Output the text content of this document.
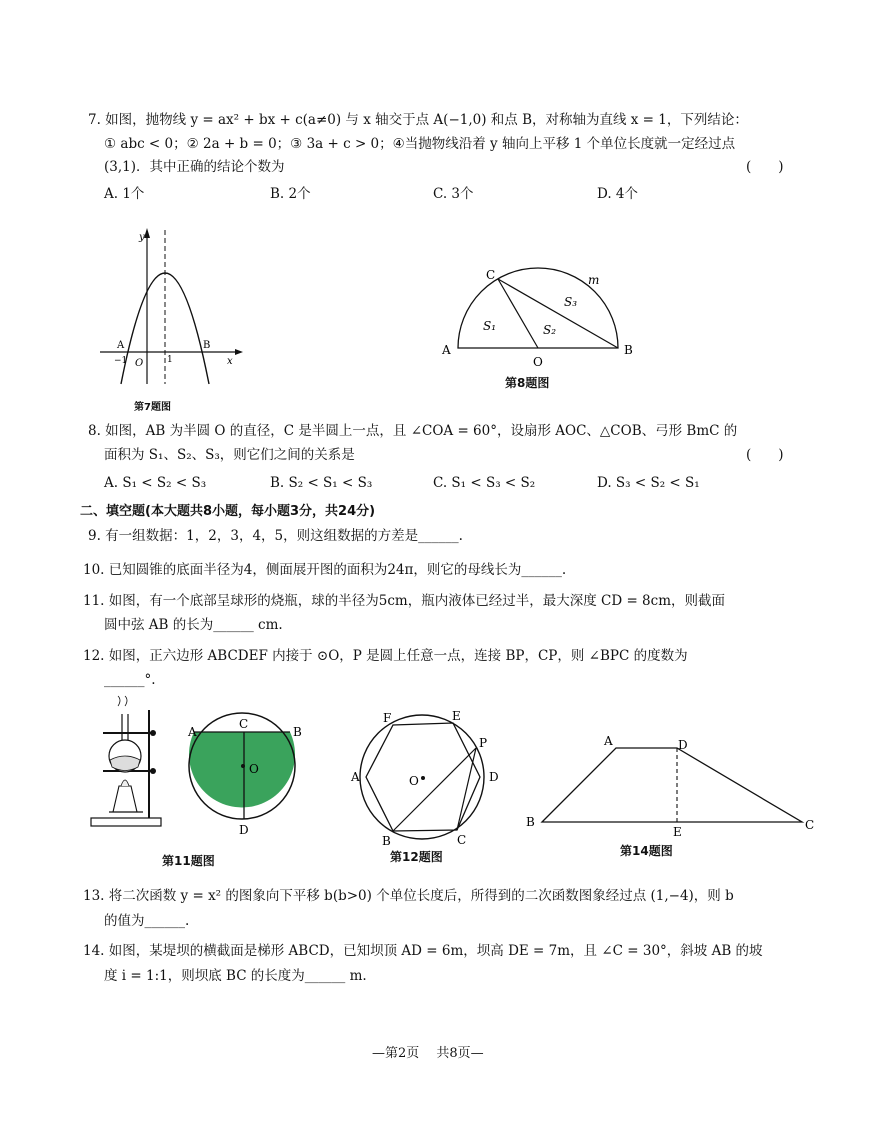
7. 如图，抛物线 y = ax² + bx + c(a≠0) 与 x 轴交于点 A(−1,0) 和点 B，对称轴为直线 x = 1，下列结论：
① abc < 0；② 2a + b = 0；③ 3a + c > 0；④当抛物线沿着 y 轴向上平移 1 个单位长度就一定经过点
(3,1)．其中正确的结论个数为	(　　)
A. 1个	B. 2个	C. 3个	D. 4个
y
x
A	B
O
−1	1
第7题图
A	B
C
O
m
S₁	S₂
S₃
第8题图
8. 如图，AB 为半圆 O 的直径，C 是半圆上一点，且 ∠COA = 60°，设扇形 AOC、△COB、弓形 BmC 的
面积为 S₁、S₂、S₃，则它们之间的关系是	(　　)
A. S₁ < S₂ < S₃	B. S₂ < S₁ < S₃	C. S₁ < S₃ < S₂	D. S₃ < S₂ < S₁
二、填空题(本大题共8小题，每小题3分，共24分)
9. 有一组数据：1，2，3，4，5，则这组数据的方差是______.
10. 已知圆锥的底面半径为4，侧面展开图的面积为24π，则它的母线长为______.
11. 如图，有一个底部呈球形的烧瓶，球的半径为5cm，瓶内液体已经过半，最大深度 CD = 8cm，则截面
圆中弦 AB 的长为______ cm.
12. 如图，正六边形 ABCDEF 内接于 ⊙O，P 是圆上任意一点，连接 BP，CP，则 ∠BPC 的度数为
______°.
A	B
C
D
O
第11题图
A
B	C
D
E
F
O
P
第12题图
B
A	D
C
E
第14题图
13. 将二次函数 y = x² 的图象向下平移 b(b>0) 个单位长度后，所得到的二次函数图象经过点 (1,−4)，则 b
的值为______.
14. 如图，某堤坝的横截面是梯形 ABCD，已知坝顶 AD = 6m，坝高 DE = 7m，且 ∠C = 30°，斜坡 AB 的坡
度 i = 1:1，则坝底 BC 的长度为______ m.
—第2页　 共8页—
